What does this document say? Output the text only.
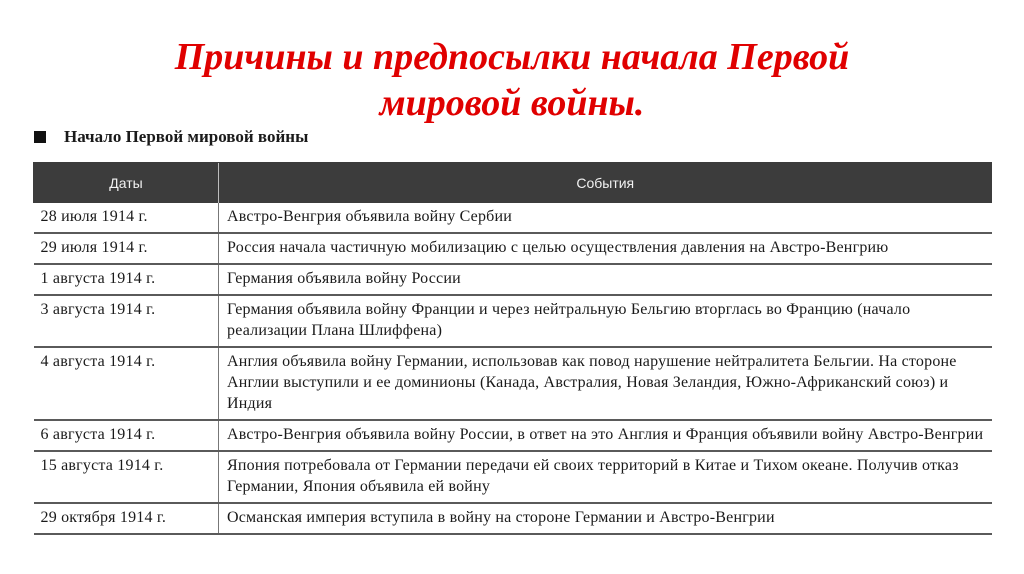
Причины и предпосылки начала Первой
мировой войны.
Начало Первой мировой войны
Даты	События
28 июля 1914 г.	Австро-Венгрия объявила войну Сербии
29 июля 1914 г.	Россия начала частичную мобилизацию с целью осуществления давления на Австро-Венгрию
1 августа 1914 г.	Германия объявила войну России
3 августа 1914 г.	Германия объявила войну Франции и через нейтральную Бельгию вторглась во Францию (начало реализации Плана Шлиффена)
4 августа 1914 г.	Англия объявила войну Германии, использовав как повод нарушение нейтралитета Бельгии. На стороне Англии выступили и ее доминионы (Канада, Австралия, Новая Зеландия, Южно-Африканский союз) и Индия
6 августа 1914 г.	Австро-Венгрия объявила войну России, в ответ на это Англия и Франция объявили войну Австро-Венгрии
15 августа 1914 г.	Япония потребовала от Германии передачи ей своих территорий в Китае и Тихом океане. Получив отказ Германии, Япония объявила ей войну
29 октября 1914 г.	Османская империя вступила в войну на стороне Германии и Австро-Венгрии
